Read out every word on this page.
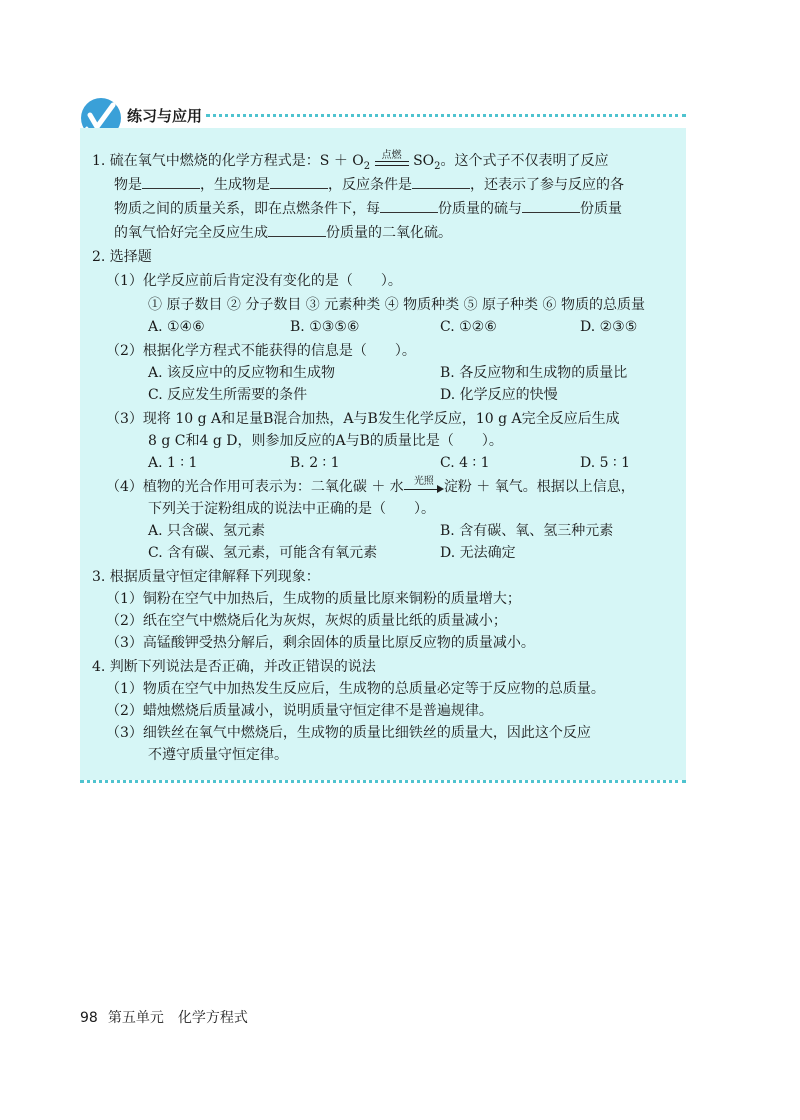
练习与应用
1. 硫在氧气中燃烧的化学方程式是：$S + O_2$
点燃 $SO_2$。这个式子不仅表明了反应
物是	，生成物是	，反应条件是	，还表示了参与反应的各
物质之间的质量关系，即在点燃条件下，每	份质量的硫与	份质量
的氧气恰好完全反应生成	份质量的二氧化硫。
2. 选择题
（1）化学反应前后肯定没有变化的是（　　）。
① 原子数目 ② 分子数目 ③ 元素种类 ④ 物质种类 ⑤ 原子种类 ⑥ 物质的总质量
A. ①④⑥	B. ①③⑤⑥	C. ①②⑥	D. ②③⑤
（2）根据化学方程式不能获得的信息是（　　）。
A. 该反应中的反应物和生成物	B. 各反应物和生成物的质量比
C. 反应发生所需要的条件	D. 化学反应的快慢
（3）现将 10 g A和足量B混合加热，A与B发生化学反应，10 g A完全反应后生成
8 g C和4 g D，则参加反应的A与B的质量比是（　　）。
A. 1 ∶ 1	B. 2 ∶ 1	C. 4 ∶ 1	D. 5 ∶ 1
（4）植物的光合作用可表示为：二氧化碳 ＋ 水	光照 淀粉 ＋ 氧气。根据以上信息，
下列关于淀粉组成的说法中正确的是（　　）。
A. 只含碳、氢元素	B. 含有碳、氧、氢三种元素
C. 含有碳、氢元素，可能含有氧元素	D. 无法确定
3. 根据质量守恒定律解释下列现象：
（1）铜粉在空气中加热后，生成物的质量比原来铜粉的质量增大；
（2）纸在空气中燃烧后化为灰烬，灰烬的质量比纸的质量减小；
（3）高锰酸钾受热分解后，剩余固体的质量比原反应物的质量减小。
4. 判断下列说法是否正确，并改正错误的说法
（1）物质在空气中加热发生反应后，生成物的总质量必定等于反应物的总质量。
（2）蜡烛燃烧后质量减小，说明质量守恒定律不是普遍规律。
（3）细铁丝在氧气中燃烧后，生成物的质量比细铁丝的质量大，因此这个反应
不遵守质量守恒定律。
98 第五单元　化学方程式
